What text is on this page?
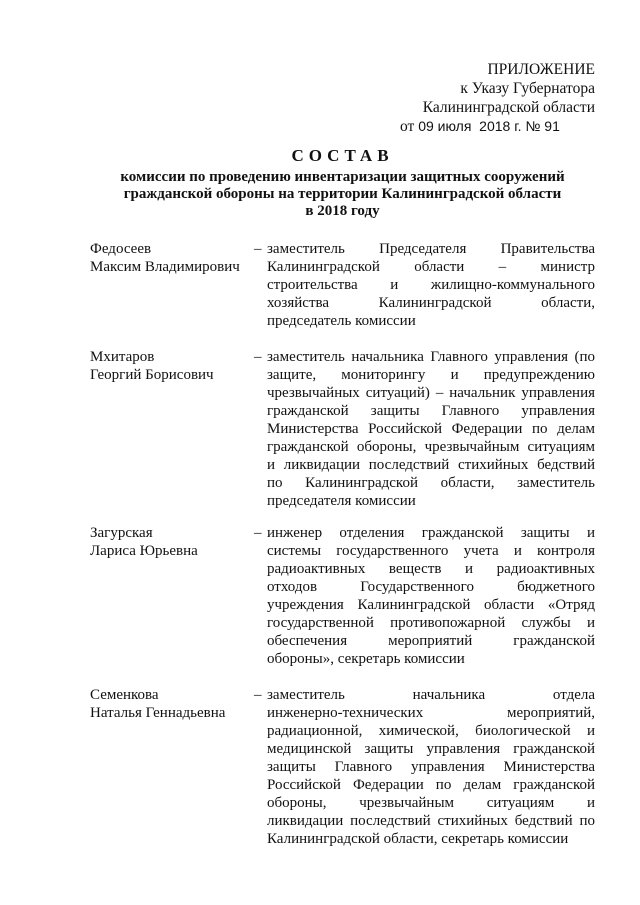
ПРИЛОЖЕНИЕ
к Указу Губернатора
Калининградской области
от 09 июля 2018 г. № 91
СОСТАВ
комиссии по проведению инвентаризации защитных сооружений
гражданской обороны на территории Калининградской области
в 2018 году
Федосеев
Максим Владимирович
– заместитель Председателя Правительства
Калининградской области – министр
строительства и жилищно-коммунального
хозяйства Калининградской области,
председатель комиссии
Мхитаров
Георгий Борисович
– заместитель начальника Главного управления (по
защите, мониторингу и предупреждению
чрезвычайных ситуаций) – начальник управления
гражданской защиты Главного управления
Министерства Российской Федерации по делам
гражданской обороны, чрезвычайным ситуациям
и ликвидации последствий стихийных бедствий
по Калининградской области, заместитель
председателя комиссии
Загурская
Лариса Юрьевна
– инженер отделения гражданской защиты и
системы государственного учета и контроля
радиоактивных веществ и радиоактивных
отходов Государственного бюджетного
учреждения Калининградской области «Отряд
государственной противопожарной службы и
обеспечения мероприятий гражданской
обороны», секретарь комиссии
Семенкова
Наталья Геннадьевна
– заместитель начальника отдела
инженерно-технических мероприятий,
радиационной, химической, биологической и
медицинской защиты управления гражданской
защиты Главного управления Министерства
Российской Федерации по делам гражданской
обороны, чрезвычайным ситуациям и
ликвидации последствий стихийных бедствий по
Калининградской области, секретарь комиссии
